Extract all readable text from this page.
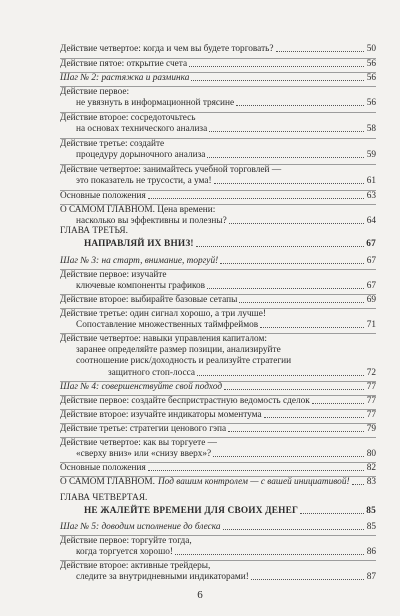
Действие четвертое: когда и чем вы будете торговать?	50
Действие пятое: открытие счета	56
Шаг № 2: растяжка и разминка	56
Действие первое:
не увязнуть в информационной трясине	56
Действие второе: сосредоточьтесь
на основах технического анализа	58
Действие третье: создайте
процедуру дорыночного анализа	59
Действие четвертое: занимайтесь учебной торговлей —
это показатель не трусости, а ума!	61
Основные положения	63
О САМОМ ГЛАВНОМ. Цена времени:
насколько вы эффективны и полезны?	64
ГЛАВА ТРЕТЬЯ.
НАПРАВЛЯЙ ИХ ВНИЗ!	67
Шаг № 3: на старт, внимание, торгуй!	67
Действие первое: изучайте
ключевые компоненты графиков	67
Действие второе: выбирайте базовые сетапы	69
Действие третье: один сигнал хорошо, а три лучше!
Сопоставление множественных таймфреймов	71
Действие четвертое: навыки управления капиталом:
заранее определяйте размер позиции, анализируйте
соотношение риск/доходность и реализуйте стратегии
защитного стоп-лосса	72
Шаг № 4: совершенствуйте свой подход	77
Действие первое: создайте беспристрастную ведомость сделок	77
Действие второе: изучайте индикаторы моментума	77
Действие третье: стратегии ценового гэпа	79
Действие четвертое: как вы торгуете —
«сверху вниз» или «снизу вверх»?	80
Основные положения	82
О САМОМ ГЛАВНОМ. Под вашим контролем — с вашей инициативой! 83
ГЛАВА ЧЕТВЕРТАЯ.
НЕ ЖАЛЕЙТЕ ВРЕМЕНИ ДЛЯ СВОИХ ДЕНЕГ	85
Шаг № 5: доводим исполнение до блеска	85
Действие первое: торгуйте тогда,
когда торгуется хорошо!	86
Действие второе: активные трейдеры,
следите за внутридневными индикаторами!	87
6
